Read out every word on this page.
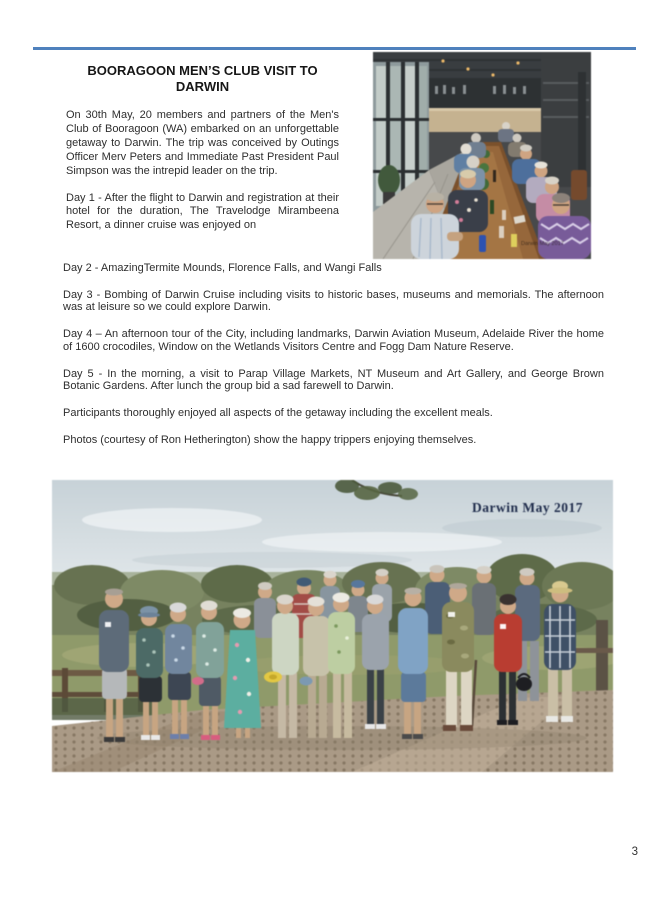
BOORAGOON MEN’S CLUB VISIT TO
DARWIN

On 30th May, 20 members and partners of the Men's Club of Booragoon (WA) embarked on an unforgettable getaway to Darwin. The trip was conceived by Outings Officer Merv Peters and Immediate Past President Paul Simpson was the intrepid leader on the trip.

Day 1 - After the flight to Darwin and registration at their hotel for the duration, The Travelodge Mirambeena Resort, a dinner cruise was enjoyed on

Darwin May 2017

Day 2 - AmazingTermite Mounds, Florence Falls, and Wangi Falls

Day 3 - Bombing of Darwin Cruise including visits to historic bases, museums and memorials. The afternoon was at leisure so we could explore Darwin.

Day 4 – An afternoon tour of the City, including landmarks, Darwin Aviation Museum, Adelaide River the home of 1600 crocodiles, Window on the Wetlands Visitors Centre and Fogg Dam Nature Reserve.

Day 5 - In the morning, a visit to Parap Village Markets, NT Museum and Art Gallery, and George Brown Botanic Gardens. After lunch the group bid a sad farewell to Darwin.

Participants thoroughly enjoyed all aspects of the getaway including the excellent meals.

Photos (courtesy of Ron Hetherington) show the happy trippers enjoying themselves.

Darwin May 2017
3
